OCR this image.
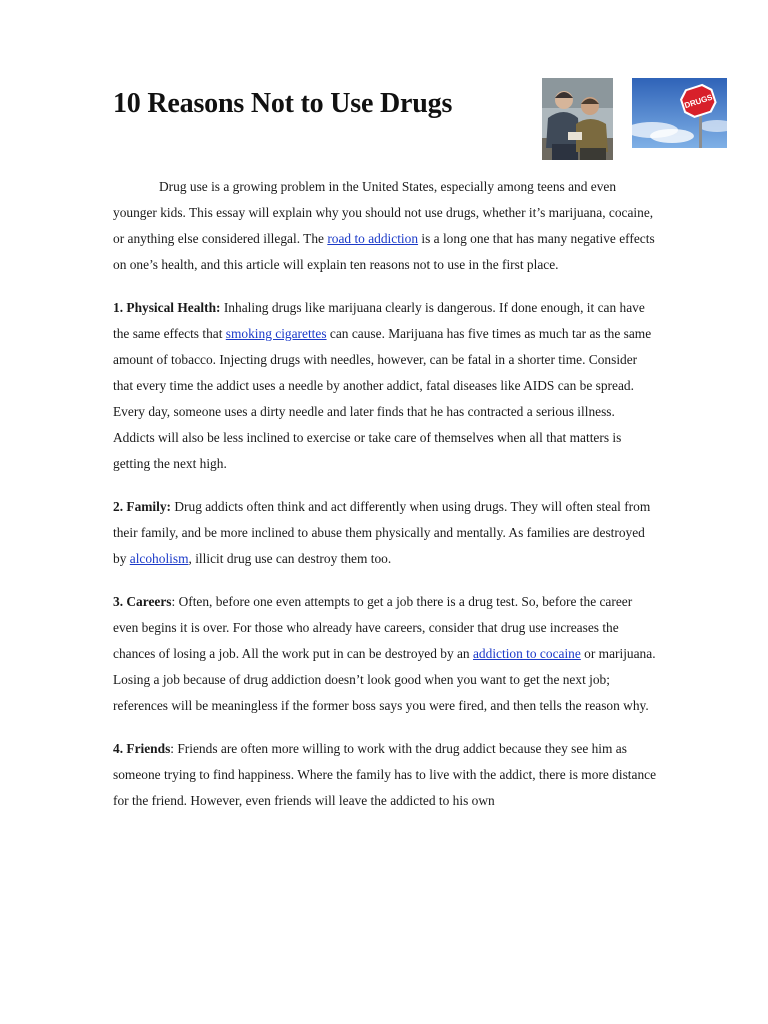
10 Reasons Not to Use Drugs	DRUGS

Drug use is a growing problem in the United States, especially among teens and even younger kids. This essay will explain why you should not use drugs, whether it’s marijuana, cocaine, or anything else considered illegal. The road to addiction is a long one that has many negative effects on one’s health, and this article will explain ten reasons not to use in the first place.

1. Physical Health: Inhaling drugs like marijuana clearly is dangerous. If done enough, it can have the same effects that smoking cigarettes can cause. Marijuana has five times as much tar as the same amount of tobacco. Injecting drugs with needles, however, can be fatal in a shorter time. Consider that every time the addict uses a needle by another addict, fatal diseases like AIDS can be spread. Every day, someone uses a dirty needle and later finds that he has contracted a serious illness. Addicts will also be less inclined to exercise or take care of themselves when all that matters is getting the next high.

2. Family: Drug addicts often think and act differently when using drugs. They will often steal from their family, and be more inclined to abuse them physically and mentally. As families are destroyed by alcoholism, illicit drug use can destroy them too.

3. Careers: Often, before one even attempts to get a job there is a drug test. So, before the career even begins it is over. For those who already have careers, consider that drug use increases the chances of losing a job. All the work put in can be destroyed by an addiction to cocaine or marijuana. Losing a job because of drug addiction doesn’t look good when you want to get the next job; references will be meaningless if the former boss says you were fired, and then tells the reason why.

4. Friends: Friends are often more willing to work with the drug addict because they see him as someone trying to find happiness. Where the family has to live with the addict, there is more distance for the friend. However, even friends will leave the addicted to his own
